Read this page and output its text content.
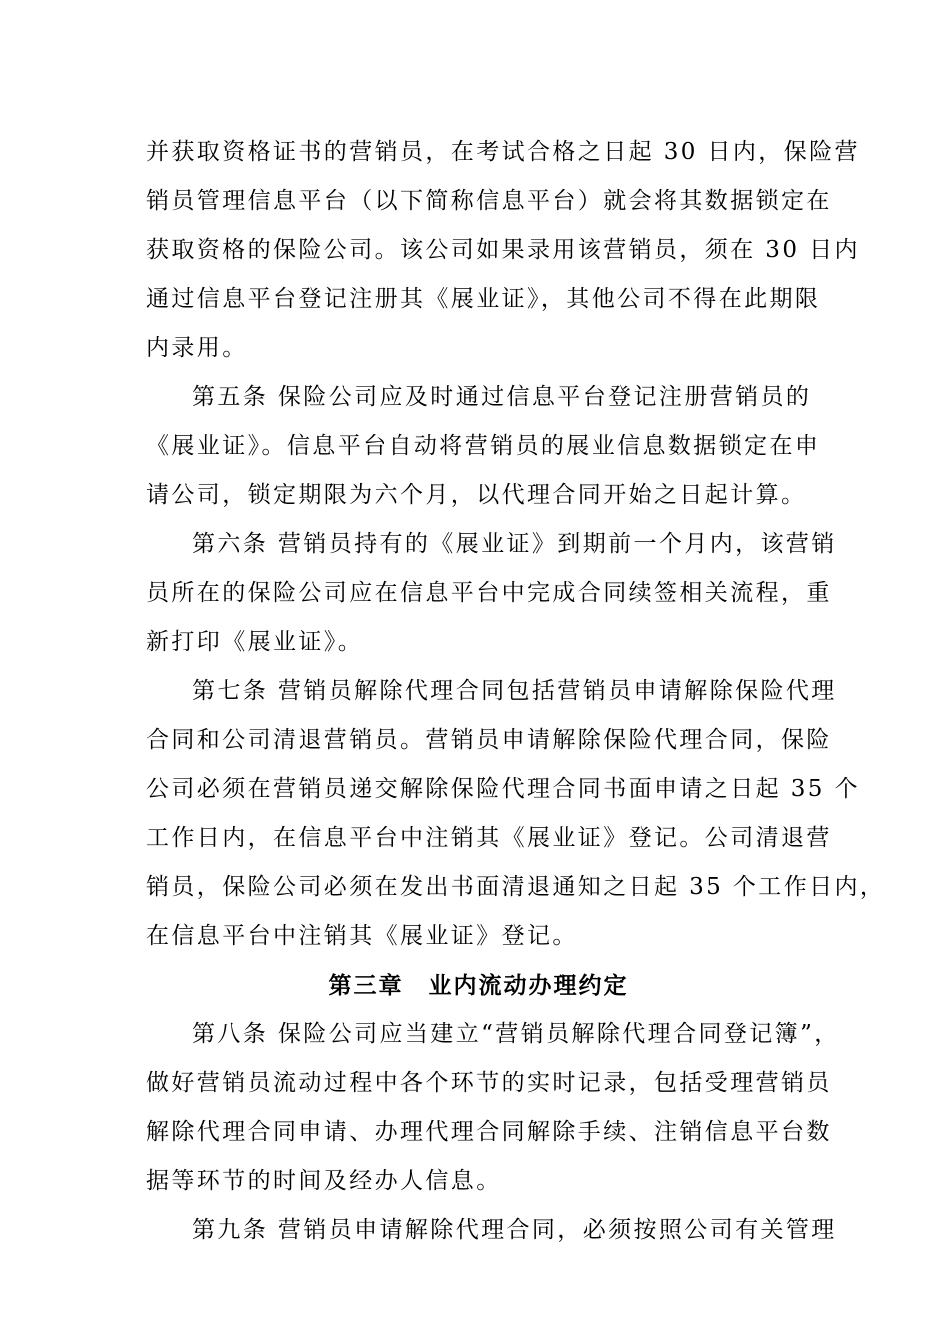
并获取资格证书的营销员，在考试合格之日起 30 日内，保险营
销员管理信息平台（以下简称信息平台）就会将其数据锁定在
获取资格的保险公司。该公司如果录用该营销员，须在 30 日内
通过信息平台登记注册其《展业证》，其他公司不得在此期限
内录用。
第五条 保险公司应及时通过信息平台登记注册营销员的
《展业证》。信息平台自动将营销员的展业信息数据锁定在申
请公司，锁定期限为六个月，以代理合同开始之日起计算。
第六条 营销员持有的《展业证》到期前一个月内，该营销
员所在的保险公司应在信息平台中完成合同续签相关流程，重
新打印《展业证》。
第七条 营销员解除代理合同包括营销员申请解除保险代理
合同和公司清退营销员。营销员申请解除保险代理合同，保险
公司必须在营销员递交解除保险代理合同书面申请之日起 35 个
工作日内，在信息平台中注销其《展业证》登记。公司清退营
销员，保险公司必须在发出书面清退通知之日起 35 个工作日内，
在信息平台中注销其《展业证》登记。
第三章　业内流动办理约定
第八条 保险公司应当建立“营销员解除代理合同登记簿”，
做好营销员流动过程中各个环节的实时记录，包括受理营销员
解除代理合同申请、办理代理合同解除手续、注销信息平台数
据等环节的时间及经办人信息。
第九条 营销员申请解除代理合同，必须按照公司有关管理
